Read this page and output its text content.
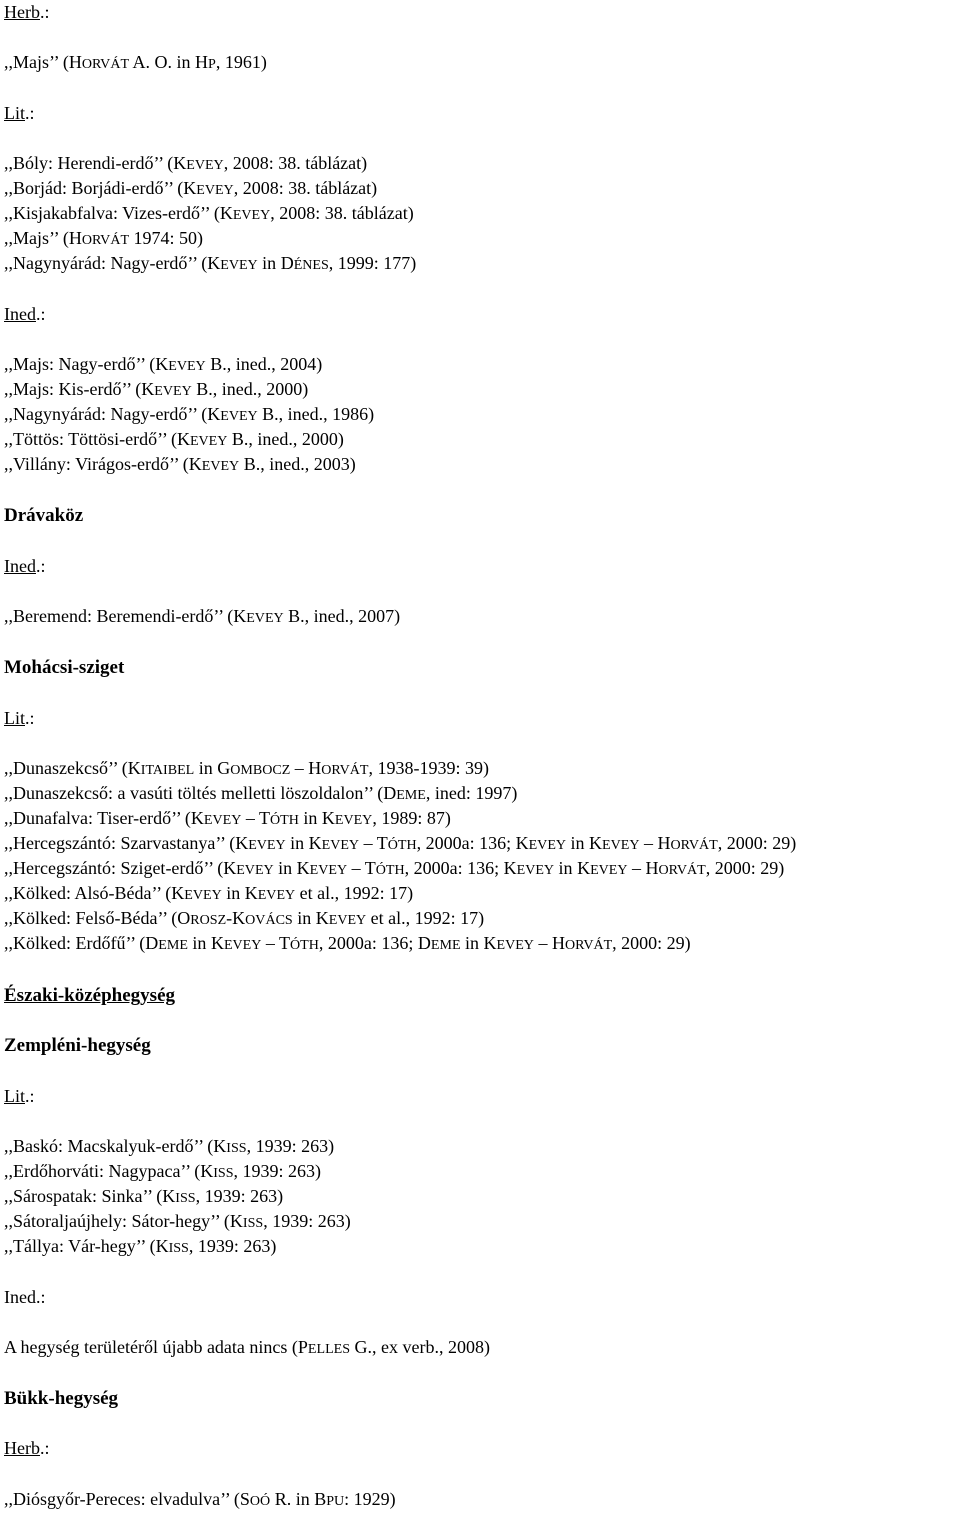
Herb.:
,,Majs’’ (HORVÁT A. O. in HP, 1961)
Lit.:
,,Bóly: Herendi-erdő’’ (KEVEY, 2008: 38. táblázat)
,,Borjád: Borjádi-erdő’’ (KEVEY, 2008: 38. táblázat)
,,Kisjakabfalva: Vizes-erdő’’ (KEVEY, 2008: 38. táblázat)
,,Majs’’ (HORVÁT 1974: 50)
,,Nagynyárád: Nagy-erdő’’ (KEVEY in DÉNES, 1999: 177)
Ined.:
,,Majs: Nagy-erdő’’ (KEVEY B., ined., 2004)
,,Majs: Kis-erdő’’ (KEVEY B., ined., 2000)
,,Nagynyárád: Nagy-erdő’’ (KEVEY B., ined., 1986)
,,Töttös: Töttösi-erdő’’ (KEVEY B., ined., 2000)
,,Villány: Virágos-erdő’’ (KEVEY B., ined., 2003)
Drávaköz
Ined.:
,,Beremend: Beremendi-erdő’’ (KEVEY B., ined., 2007)
Mohácsi-sziget
Lit.:
,,Dunaszekcső’’ (KITAIBEL in GOMBOCZ – HORVÁT, 1938-1939: 39)
,,Dunaszekcső: a vasúti töltés melletti löszoldalon’’ (DEME, ined: 1997)
,,Dunafalva: Tiser-erdő’’ (KEVEY – TÓTH in KEVEY, 1989: 87)
,,Hercegszántó: Szarvastanya’’ (KEVEY in KEVEY – TÓTH, 2000a: 136; KEVEY in KEVEY – HORVÁT, 2000: 29)
,,Hercegszántó: Sziget-erdő’’ (KEVEY in KEVEY – TÓTH, 2000a: 136; KEVEY in KEVEY – HORVÁT, 2000: 29)
,,Kölked: Alsó-Béda’’ (KEVEY in KEVEY et al., 1992: 17)
,,Kölked: Felső-Béda’’ (OROSZ-KOVÁCS in KEVEY et al., 1992: 17)
,,Kölked: Erdőfű’’ (DEME in KEVEY – TÓTH, 2000a: 136; DEME in KEVEY – HORVÁT, 2000: 29)
Északi-középhegység
Zempléni-hegység
Lit.:
,,Baskó: Macskalyuk-erdő’’ (KISS, 1939: 263)
,,Erdőhorváti: Nagypaca’’ (KISS, 1939: 263)
,,Sárospatak: Sinka’’ (KISS, 1939: 263)
,,Sátoraljaújhely: Sátor-hegy’’ (KISS, 1939: 263)
,,Tállya: Vár-hegy’’ (KISS, 1939: 263)
Ined.:
A hegység területéről újabb adata nincs (PELLES G., ex verb., 2008)
Bükk-hegység
Herb.:
,,Diósgyőr-Pereces: elvadulva’’ (SOÓ R. in BPU: 1929)
